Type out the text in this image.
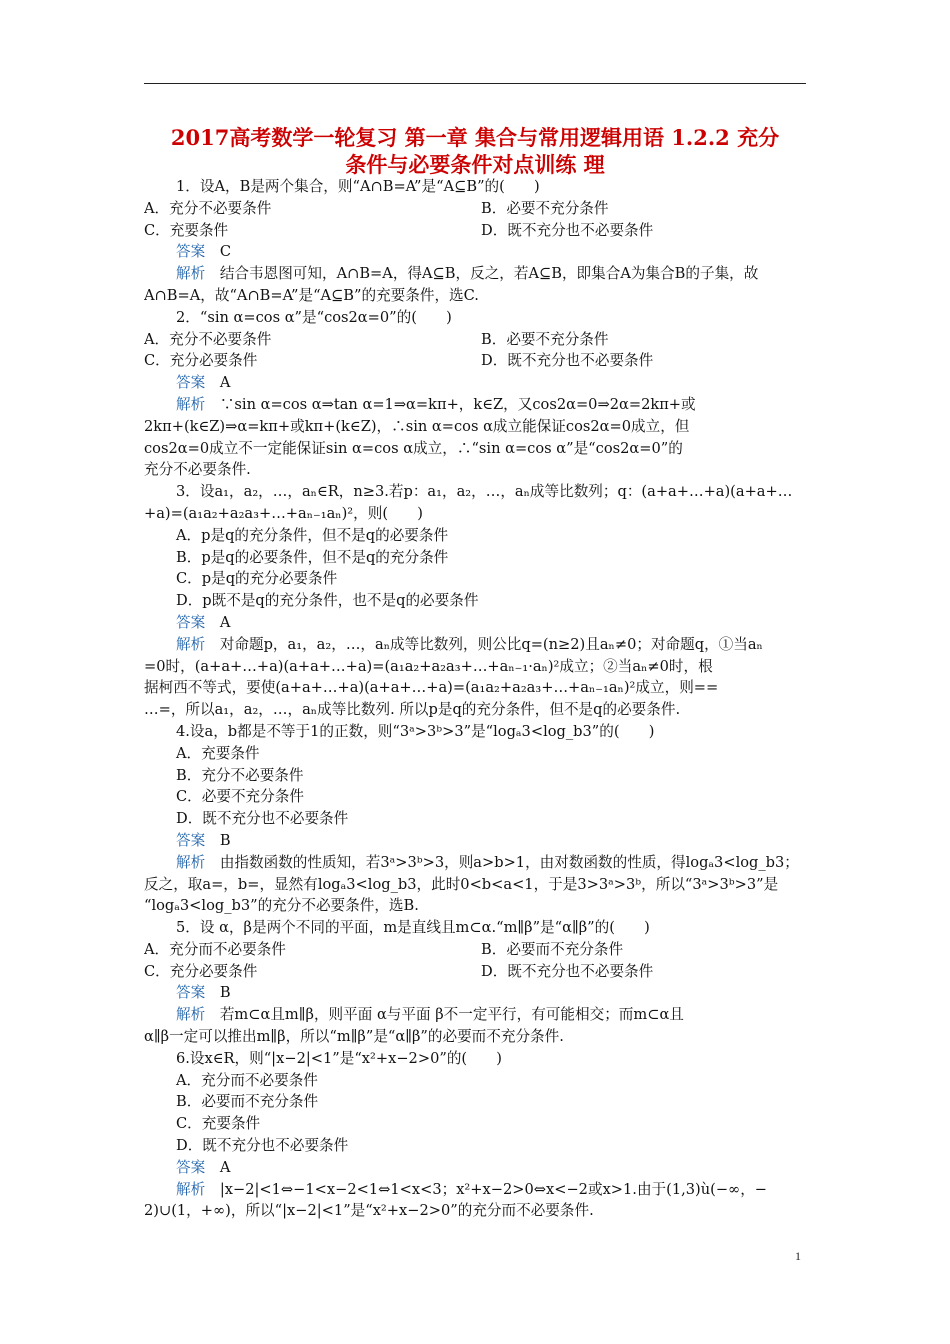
2017高考数学一轮复习 第一章 集合与常用逻辑用语 1.2.2 充分
条件与必要条件对点训练 理
1．设A，B是两个集合，则“A∩B=A”是“A⊆B”的(　　)
A．充分不必要条件	B．必要不充分条件
C．充要条件	D．既不充分也不必要条件
答案　 C
解析　 结合韦恩图可知，A∩B=A，得A⊆B，反之，若A⊆B，即集合A为集合B的子集，故
A∩B=A，故“A∩B=A”是“A⊆B”的充要条件，选C.
2．“sin α=cos α”是“cos2α=0”的(　　)
A．充分不必要条件	B．必要不充分条件
C．充分必要条件	D．既不充分也不必要条件
答案　 A
解析　 ∵sin α=cos α⇒tan α=1⇒α=kπ+，k∈Z，又cos2α=0⇒2α=2kπ+或
2kπ+(k∈Z)⇒α=kπ+或kπ+(k∈Z)，∴sin α=cos α成立能保证cos2α=0成立，但
cos2α=0成立不一定能保证sin α=cos α成立，∴“sin α=cos α”是“cos2α=0”的
充分不必要条件.
3．设a₁，a₂，…，aₙ∈R，n≥3.若p：a₁，a₂，…，aₙ成等比数列；q：(a+a+…+a)(a+a+…
+a)=(a₁a₂+a₂a₃+…+aₙ₋₁aₙ)²，则(　　)
A．p是q的充分条件，但不是q的必要条件
B．p是q的必要条件，但不是q的充分条件
C．p是q的充分必要条件
D．p既不是q的充分条件，也不是q的必要条件
答案　 A
解析　 对命题p，a₁，a₂，…，aₙ成等比数列，则公比q=(n≥2)且aₙ≠0；对命题q，①当aₙ
=0时，(a+a+…+a)(a+a+…+a)=(a₁a₂+a₂a₃+…+aₙ₋₁·aₙ)²成立；②当aₙ≠0时，根
据柯西不等式，要使(a+a+…+a)(a+a+…+a)=(a₁a₂+a₂a₃+…+aₙ₋₁aₙ)²成立，则==
…=，所以a₁，a₂，…，aₙ成等比数列. 所以p是q的充分条件，但不是q的必要条件.
4.设a，b都是不等于1的正数，则“3ᵃ>3ᵇ>3”是“logₐ3<log_b3”的(　　)
A．充要条件
B．充分不必要条件
C．必要不充分条件
D．既不充分也不必要条件
答案　 B
解析　 由指数函数的性质知，若3ᵃ>3ᵇ>3，则a>b>1，由对数函数的性质，得logₐ3<log_b3；
反之，取a=，b=，显然有logₐ3<log_b3，此时0<b<a<1，于是3>3ᵃ>3ᵇ，所以“3ᵃ>3ᵇ>3”是
“logₐ3<log_b3”的充分不必要条件，选B.
5．设 α，β是两个不同的平面，m是直线且m⊂α.“m∥β”是“α∥β”的(　　)
A．充分而不必要条件	B．必要而不充分条件
C．充分必要条件	D．既不充分也不必要条件
答案　 B
解析　 若m⊂α且m∥β，则平面 α与平面 β不一定平行，有可能相交；而m⊂α且
α∥β一定可以推出m∥β，所以“m∥β”是“α∥β”的必要而不充分条件.
6.设x∈R，则“|x−2|<1”是“x²+x−2>0”的(　　)
A．充分而不必要条件
B．必要而不充分条件
C．充要条件
D．既不充分也不必要条件
答案　 A
解析　 |x−2|<1⇔−1<x−2<1⇔1<x<3；x²+x−2>0⇔x<−2或x>1.由于(1,3)ù(−∞，−
2)∪(1，+∞)，所以“|x−2|<1”是“x²+x−2>0”的充分而不必要条件.
1
